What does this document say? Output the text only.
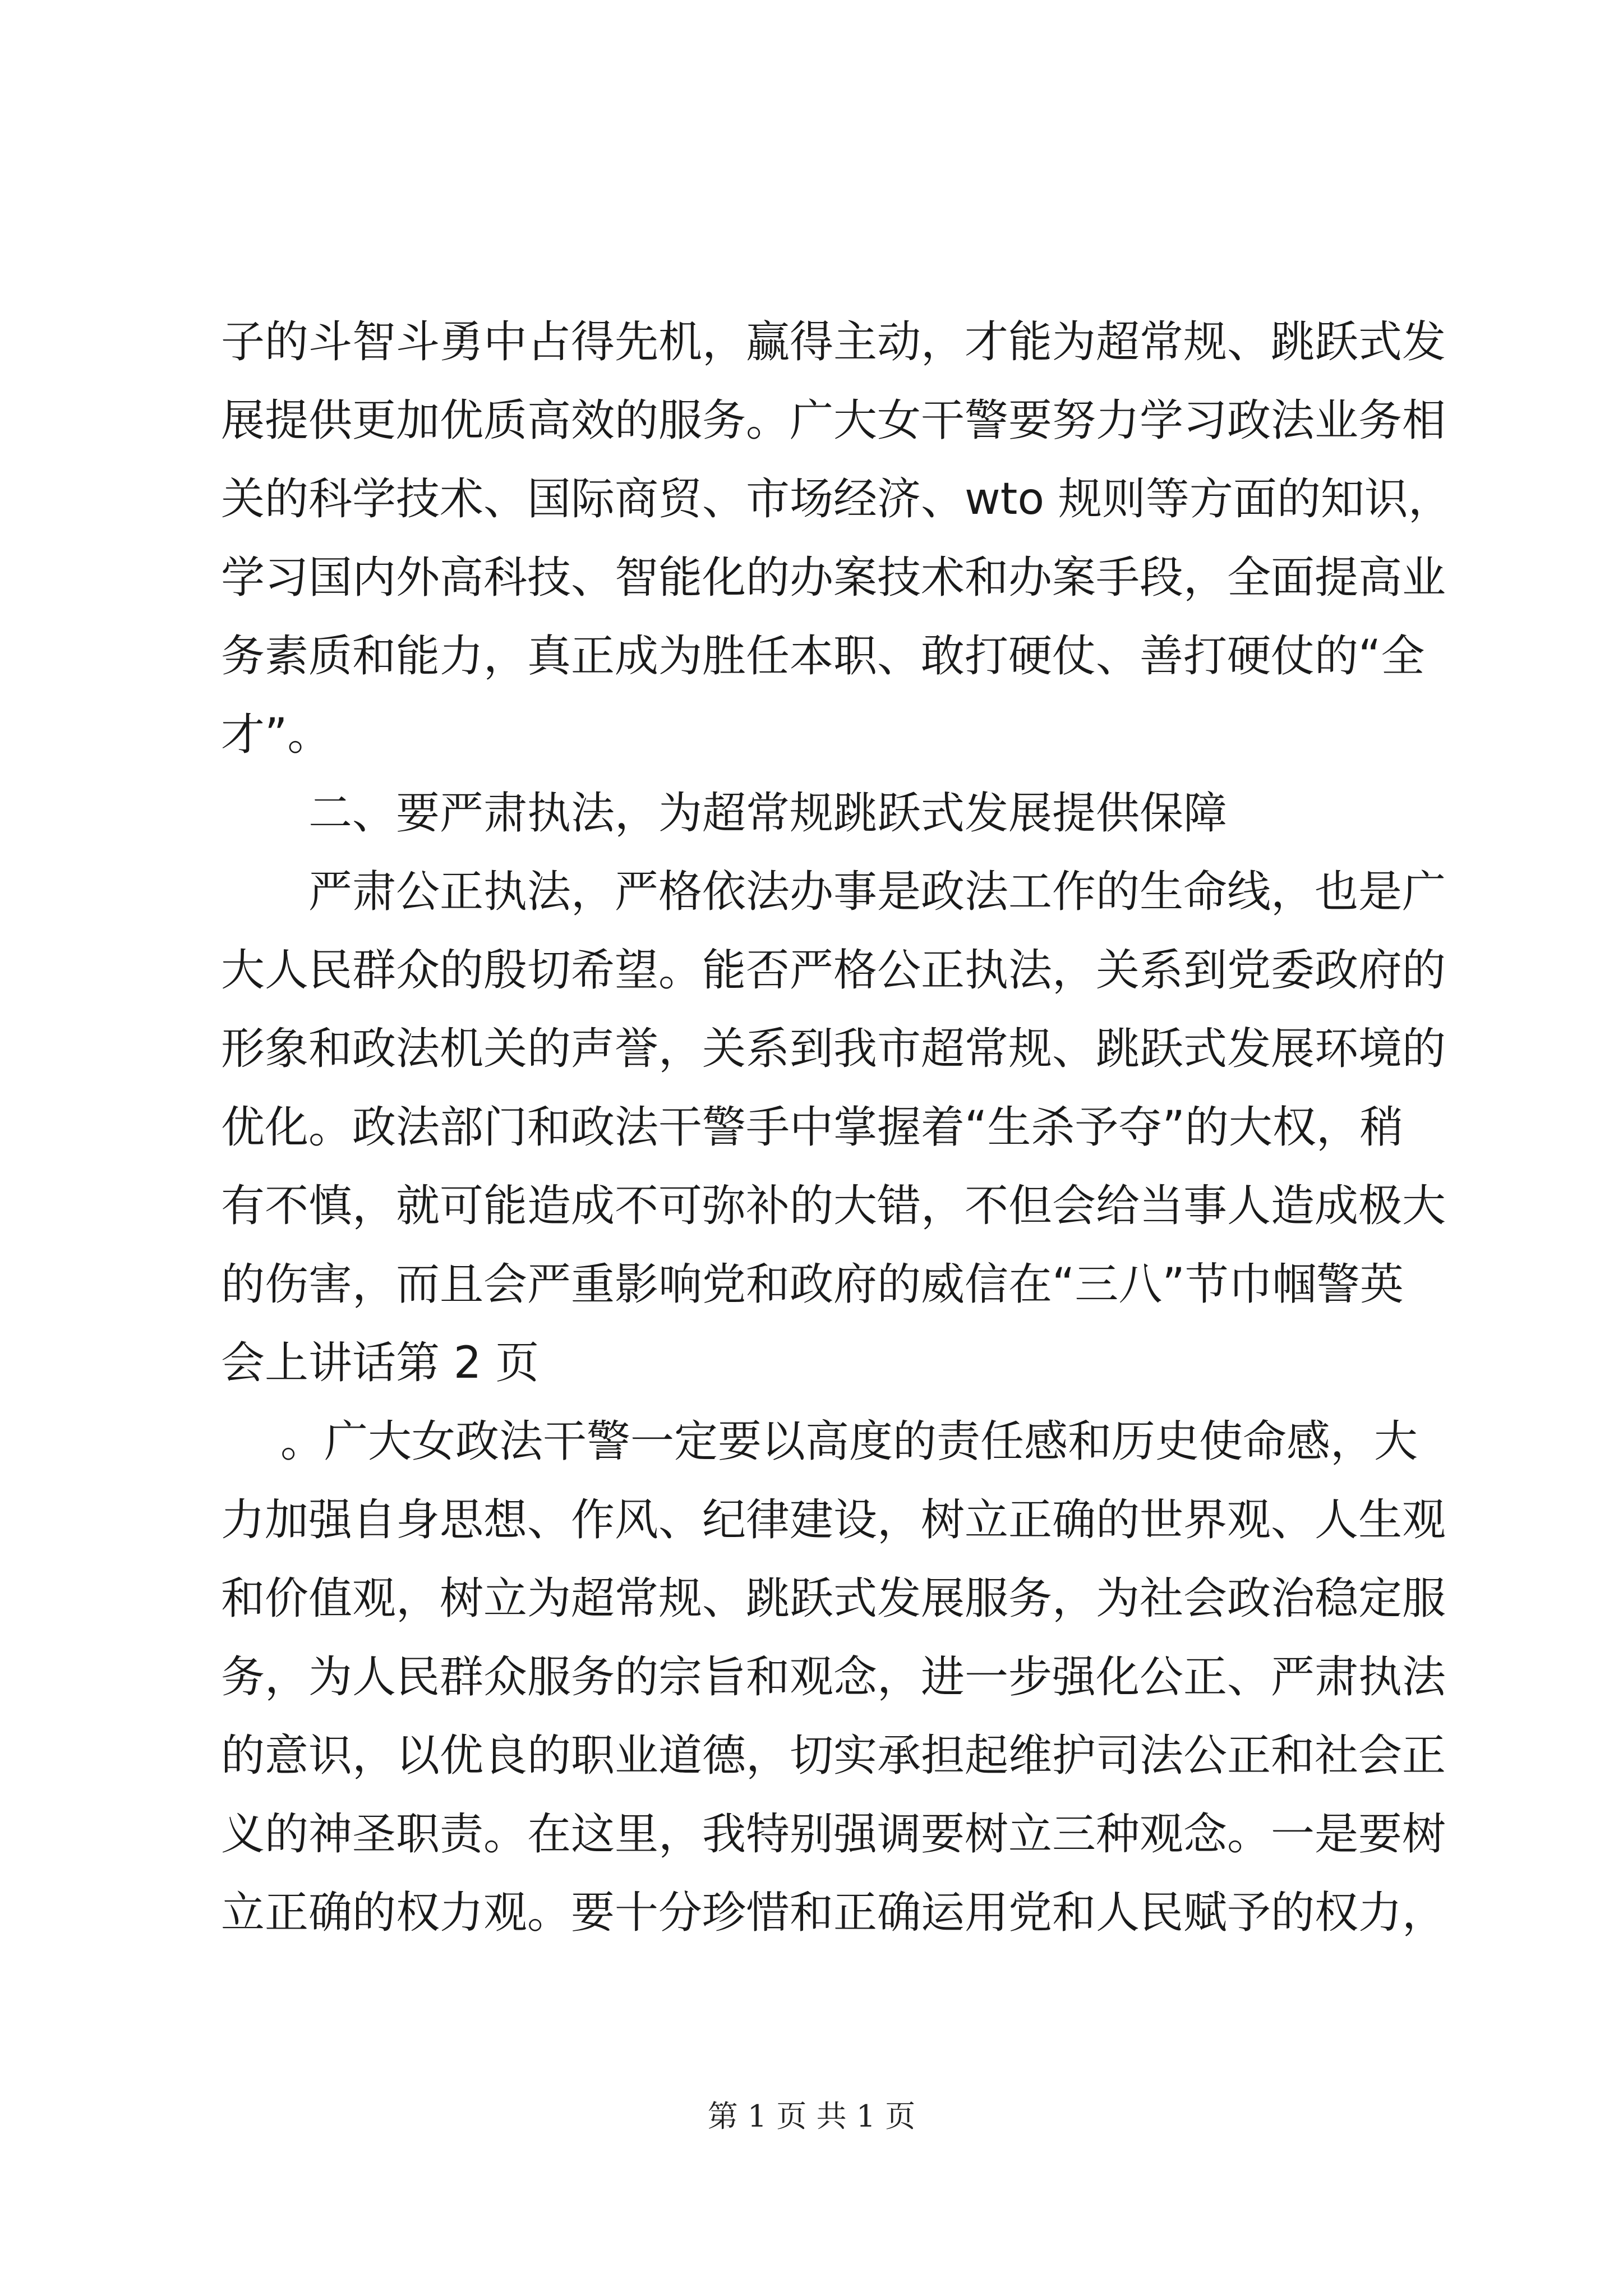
子的斗智斗勇中占得先机，赢得主动，才能为超常规、跳跃式发
展提供更加优质高效的服务。广大女干警要努力学习政法业务相
关的科学技术、国际商贸、市场经济、wto 规则等方面的知识，
学习国内外高科技、智能化的办案技术和办案手段，全面提高业
务素质和能力，真正成为胜任本职、敢打硬仗、善打硬仗的“全
才”。
二、要严肃执法，为超常规跳跃式发展提供保障
严肃公正执法，严格依法办事是政法工作的生命线，也是广
大人民群众的殷切希望。能否严格公正执法，关系到党委政府的
形象和政法机关的声誉，关系到我市超常规、跳跃式发展环境的
优化。政法部门和政法干警手中掌握着“生杀予夺”的大权，稍
有不慎，就可能造成不可弥补的大错，不但会给当事人造成极大
的伤害，而且会严重影响党和政府的威信在“三八”节巾帼警英
会上讲话第 2 页
。广大女政法干警一定要以高度的责任感和历史使命感，大
力加强自身思想、作风、纪律建设，树立正确的世界观、人生观
和价值观，树立为超常规、跳跃式发展服务，为社会政治稳定服
务，为人民群众服务的宗旨和观念，进一步强化公正、严肃执法
的意识，以优良的职业道德，切实承担起维护司法公正和社会正
义的神圣职责。在这里，我特别强调要树立三种观念。一是要树
立正确的权力观。要十分珍惜和正确运用党和人民赋予的权力，
第 1 页 共 1 页
